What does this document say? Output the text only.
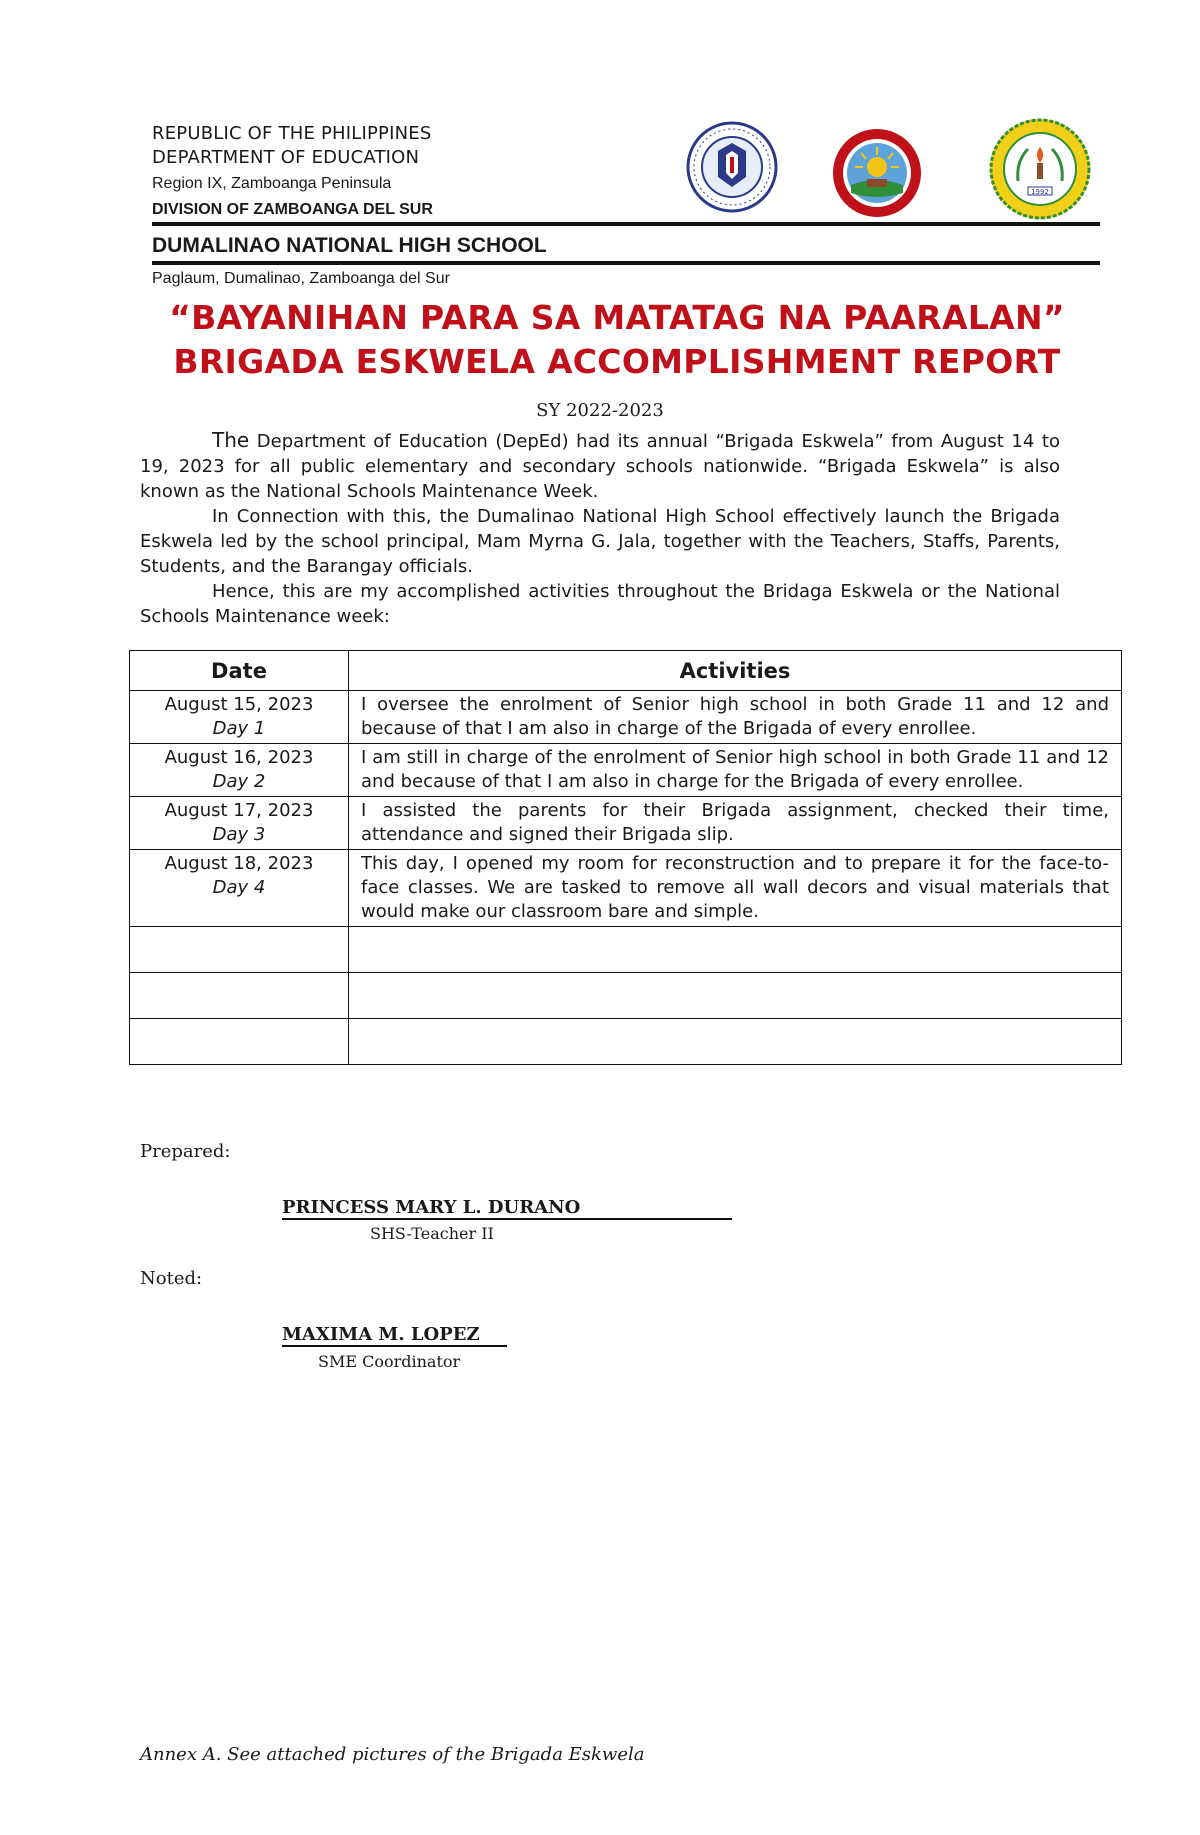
REPUBLIC OF THE PHILIPPINES
DEPARTMENT OF EDUCATION
Region IX, Zamboanga Peninsula
DIVISION OF ZAMBOANGA DEL SUR
1992
DUMALINAO NATIONAL HIGH SCHOOL
Paglaum, Dumalinao, Zamboanga del Sur
“BAYANIHAN PARA SA MATATAG NA PAARALAN”
BRIGADA ESKWELA ACCOMPLISHMENT REPORT
SY 2022-2023

The Department of Education (DepEd) had its annual “Brigada Eskwela” from August 14 to 19, 2023 for all public elementary and secondary schools nationwide. “Brigada Eskwela” is also known as the National Schools Maintenance Week.

In Connection with this, the Dumalinao National High School effectively launch the Brigada Eskwela led by the school principal, Mam Myrna G. Jala, together with the Teachers, Staffs, Parents, Students, and the Barangay officials.

Hence, this are my accomplished activities throughout the Bridaga Eskwela or the National Schools Maintenance week:

Date	Activities
August 15, 2023
Day 1	I oversee the enrolment of Senior high school in both Grade 11 and 12 and because of that I am also in charge of the Brigada of every enrollee.
August 16, 2023
Day 2	I am still in charge of the enrolment of Senior high school in both Grade 11 and 12 and because of that I am also in charge for the Brigada of every enrollee.
August 17, 2023
Day 3	I assisted the parents for their Brigada assignment, checked their time, attendance and signed their Brigada slip.
August 18, 2023
Day 4	This day, I opened my room for reconstruction and to prepare it for the face-to-face classes. We are tasked to remove all wall decors and visual materials that would make our classroom bare and simple.

Prepared:
PRINCESS MARY L. DURANO
SHS-Teacher II
Noted:
MAXIMA M. LOPEZ
SME Coordinator
Annex A. See attached pictures of the Brigada Eskwela
